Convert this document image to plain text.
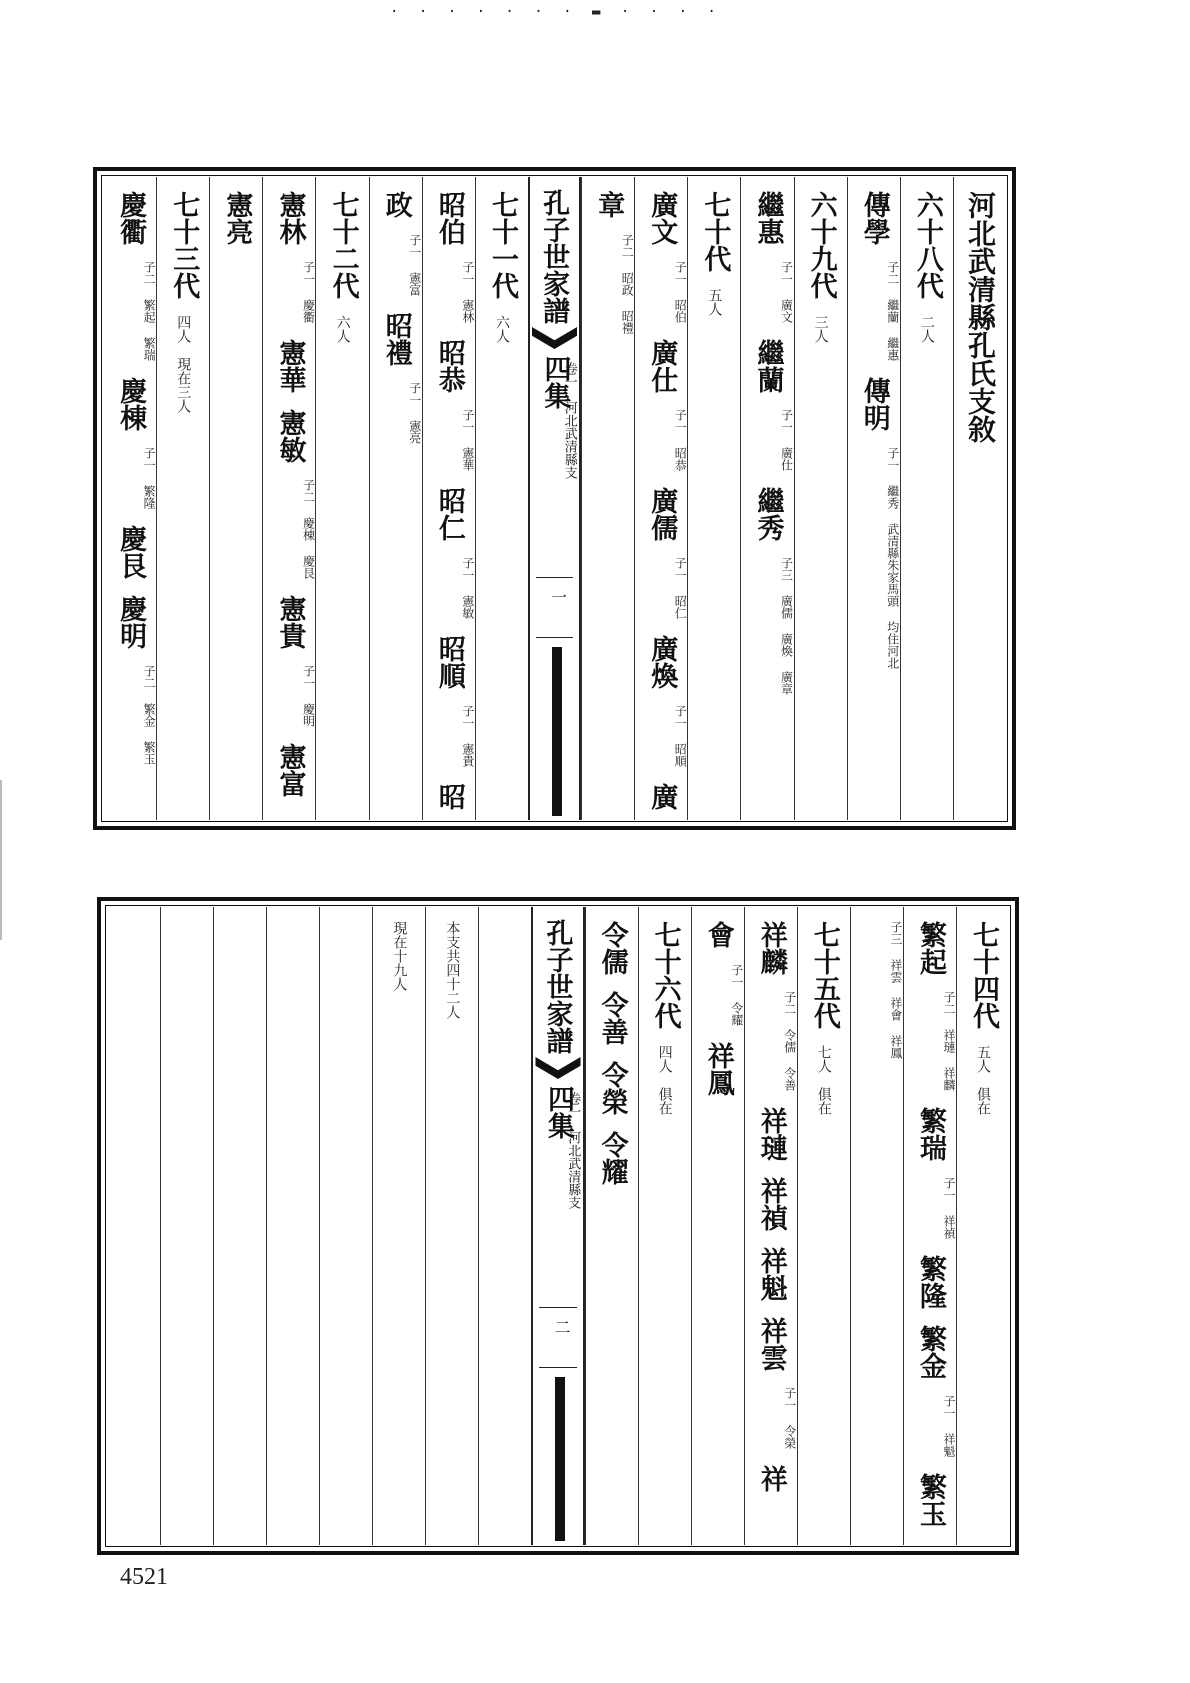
· · · · · · · ▬ · · · ·
河北武清縣孔氏支敘
六十八代
二人
傳學
子二 繼蘭 繼惠
傳明
子一 繼秀 武清縣朱家馬頭 均住河北
六十九代
三人
繼惠
子一 廣文
繼蘭
子一 廣仕
繼秀
子三 廣儒 廣煥 廣章
七十代
五人
廣文
子一 昭伯
廣仕
子一 昭恭
廣儒
子一 昭仁
廣煥
子一 昭順
廣
章
子二 昭政 昭禮
孔子世家譜
四集
卷一　河北武清縣支
一
七十一代
六人
昭伯
子一 憲林
昭恭
子一 憲華
昭仁
子一 憲敏
昭順
子一 憲貴
昭
政
子一 憲富
昭禮
子一 憲亮
七十二代
六人
憲林
子一 慶衢
憲華
憲敏
子二 慶棟 慶艮
憲貴
子一 慶明
憲富
憲亮
七十三代
四人　現在三人
慶衢
子二 繁起 繁瑞
慶棟
子一 繁隆
慶艮
慶明
子二 繁金 繁玉
七十四代
五人　俱在
繁起
子二 祥璉 祥麟
繁瑞
子一 祥禎
繁隆
繁金
子一 祥魁
繁玉
子三 祥雲 祥會 祥鳳
七十五代
七人　俱在
祥麟
子二 令儒 令善
祥璉
祥禎
祥魁
祥雲
子一 令榮
祥
會
子一 令耀
祥鳳
七十六代
四人　俱在
令儒
令善
令榮
令耀
孔子世家譜
四集
卷一　河北武清縣支
二
本支共四十二人
現在十九人
4521
